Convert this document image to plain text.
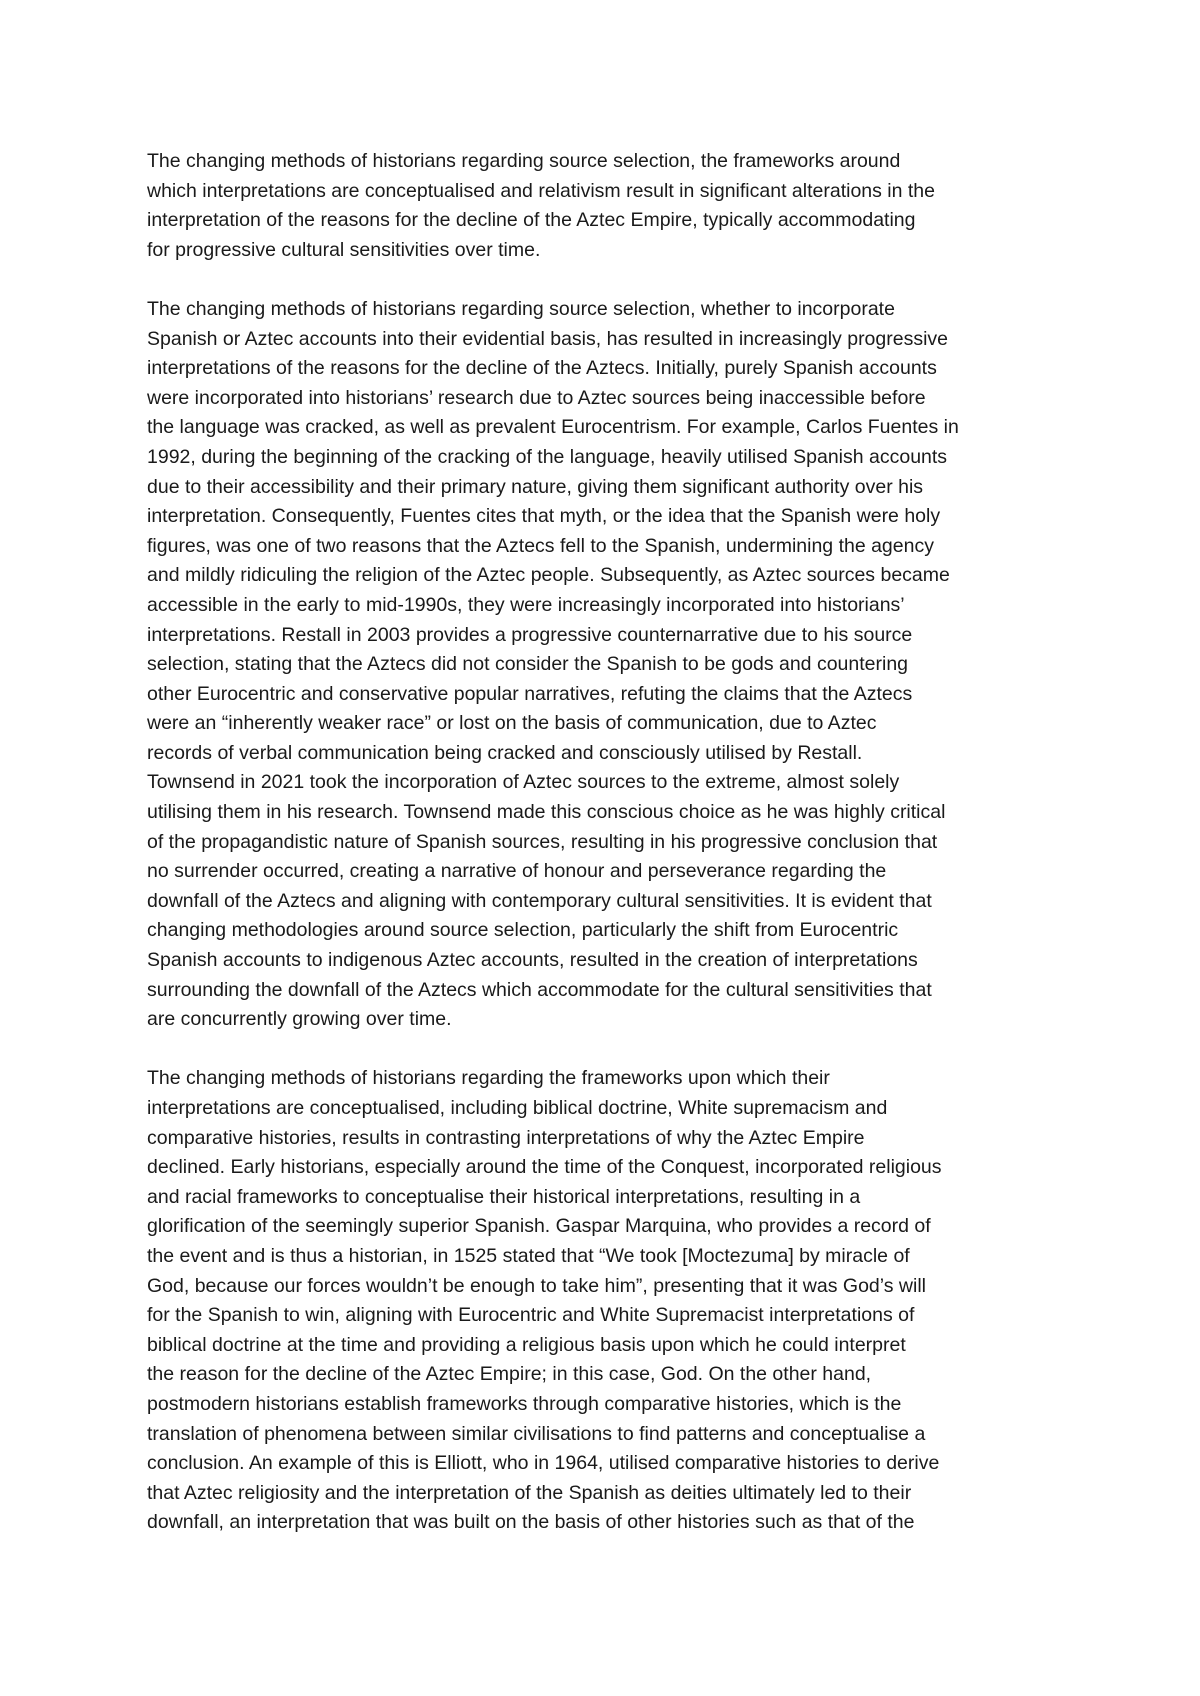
The changing methods of historians regarding source selection, the frameworks around
which interpretations are conceptualised and relativism result in significant alterations in the
interpretation of the reasons for the decline of the Aztec Empire, typically accommodating
for progressive cultural sensitivities over time.
The changing methods of historians regarding source selection, whether to incorporate
Spanish or Aztec accounts into their evidential basis, has resulted in increasingly progressive
interpretations of the reasons for the decline of the Aztecs. Initially, purely Spanish accounts
were incorporated into historians’ research due to Aztec sources being inaccessible before
the language was cracked, as well as prevalent Eurocentrism. For example, Carlos Fuentes in
1992, during the beginning of the cracking of the language, heavily utilised Spanish accounts
due to their accessibility and their primary nature, giving them significant authority over his
interpretation. Consequently, Fuentes cites that myth, or the idea that the Spanish were holy
figures, was one of two reasons that the Aztecs fell to the Spanish, undermining the agency
and mildly ridiculing the religion of the Aztec people. Subsequently, as Aztec sources became
accessible in the early to mid-1990s, they were increasingly incorporated into historians’
interpretations. Restall in 2003 provides a progressive counternarrative due to his source
selection, stating that the Aztecs did not consider the Spanish to be gods and countering
other Eurocentric and conservative popular narratives, refuting the claims that the Aztecs
were an “inherently weaker race” or lost on the basis of communication, due to Aztec
records of verbal communication being cracked and consciously utilised by Restall.
Townsend in 2021 took the incorporation of Aztec sources to the extreme, almost solely
utilising them in his research. Townsend made this conscious choice as he was highly critical
of the propagandistic nature of Spanish sources, resulting in his progressive conclusion that
no surrender occurred, creating a narrative of honour and perseverance regarding the
downfall of the Aztecs and aligning with contemporary cultural sensitivities. It is evident that
changing methodologies around source selection, particularly the shift from Eurocentric
Spanish accounts to indigenous Aztec accounts, resulted in the creation of interpretations
surrounding the downfall of the Aztecs which accommodate for the cultural sensitivities that
are concurrently growing over time.
The changing methods of historians regarding the frameworks upon which their
interpretations are conceptualised, including biblical doctrine, White supremacism and
comparative histories, results in contrasting interpretations of why the Aztec Empire
declined. Early historians, especially around the time of the Conquest, incorporated religious
and racial frameworks to conceptualise their historical interpretations, resulting in a
glorification of the seemingly superior Spanish. Gaspar Marquina, who provides a record of
the event and is thus a historian, in 1525 stated that “We took [Moctezuma] by miracle of
God, because our forces wouldn’t be enough to take him”, presenting that it was God’s will
for the Spanish to win, aligning with Eurocentric and White Supremacist interpretations of
biblical doctrine at the time and providing a religious basis upon which he could interpret
the reason for the decline of the Aztec Empire; in this case, God. On the other hand,
postmodern historians establish frameworks through comparative histories, which is the
translation of phenomena between similar civilisations to find patterns and conceptualise a
conclusion. An example of this is Elliott, who in 1964, utilised comparative histories to derive
that Aztec religiosity and the interpretation of the Spanish as deities ultimately led to their
downfall, an interpretation that was built on the basis of other histories such as that of the
